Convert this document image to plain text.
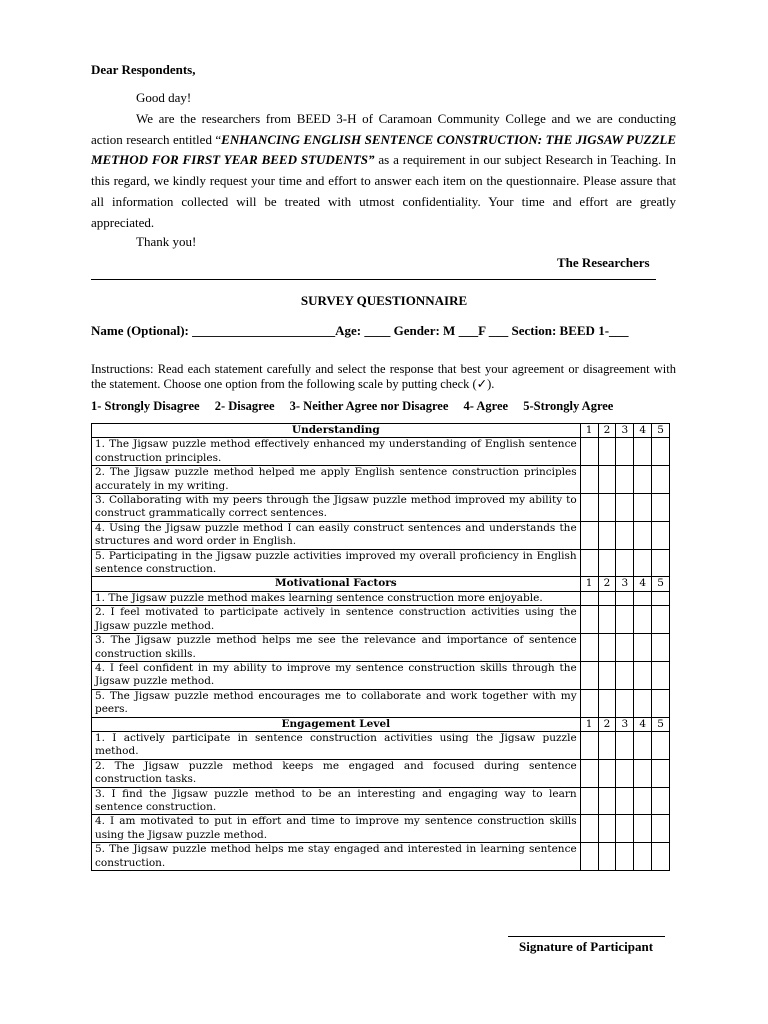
Dear Respondents,
Good day!
We are the researchers from BEED 3-H of Caramoan Community College and we are conducting action research entitled “ENHANCING ENGLISH SENTENCE CONSTRUCTION: THE JIGSAW PUZZLE METHOD FOR FIRST YEAR BEED STUDENTS” as a requirement in our subject Research in Teaching. In this regard, we kindly request your time and effort to answer each item on the questionnaire. Please assure that all information collected will be treated with utmost confidentiality. Your time and effort are greatly appreciated.
Thank you!
The Researchers
SURVEY QUESTIONNAIRE
Name (Optional): ______________________Age: ____ Gender: M ___F ___ Section: BEED 1-___
Instructions: Read each statement carefully and select the response that best your agreement or disagreement with the statement. Choose one option from the following scale by putting check (✓).
1- Strongly Disagree 2- Disagree 3- Neither Agree nor Disagree 4- Agree 5-Strongly Agree
Understanding	1	2	3	4	5
1. The Jigsaw puzzle method effectively enhanced my understanding of English sentence construction principles.					
2. The Jigsaw puzzle method helped me apply English sentence construction principles accurately in my writing.					
3. Collaborating with my peers through the Jigsaw puzzle method improved my ability to construct grammatically correct sentences.					
4. Using the Jigsaw puzzle method I can easily construct sentences and understands the structures and word order in English.					
5. Participating in the Jigsaw puzzle activities improved my overall proficiency in English sentence construction.					
Motivational Factors	1	2	3	4	5
1. The Jigsaw puzzle method makes learning sentence construction more enjoyable.					
2. I feel motivated to participate actively in sentence construction activities using the Jigsaw puzzle method.					
3. The Jigsaw puzzle method helps me see the relevance and importance of sentence construction skills.					
4. I feel confident in my ability to improve my sentence construction skills through the Jigsaw puzzle method.					
5. The Jigsaw puzzle method encourages me to collaborate and work together with my peers.					
Engagement Level	1	2	3	4	5
1. I actively participate in sentence construction activities using the Jigsaw puzzle method.					
2. The Jigsaw puzzle method keeps me engaged and focused during sentence construction tasks.					
3. I find the Jigsaw puzzle method to be an interesting and engaging way to learn sentence construction.					
4. I am motivated to put in effort and time to improve my sentence construction skills using the Jigsaw puzzle method.					
5. The Jigsaw puzzle method helps me stay engaged and interested in learning sentence construction.					
Signature of Participant
